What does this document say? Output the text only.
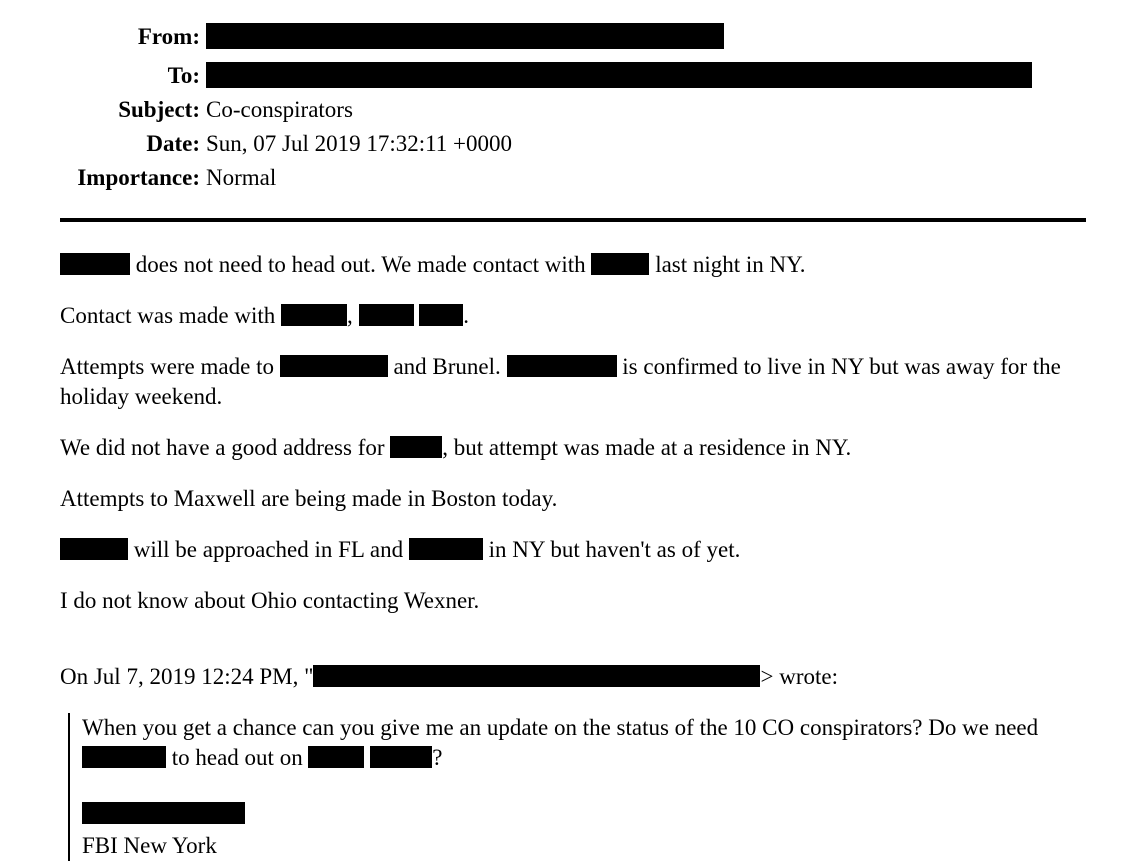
From:
To:
Subject: Co-conspirators
Date: Sun, 07 Jul 2019 17:32:11 +0000
Importance: Normal

does not need to head out. We made contact with	last night in NY.

Contact was made with	,	.

Attempts were made to	and Brunel.	is confirmed to live in NY but was away for the holiday weekend.

We did not have a good address for , but attempt was made at a residence in NY.

Attempts to Maxwell are being made in Boston today.

will be approached in FL and	in NY but haven't as of yet.

I do not know about Ohio contacting Wexner.

On Jul 7, 2019 12:24 PM, "	> wrote:

When you get a chance can you give me an update on the status of the 10 CO conspirators? Do we need  to head out on	?

FBI New York
